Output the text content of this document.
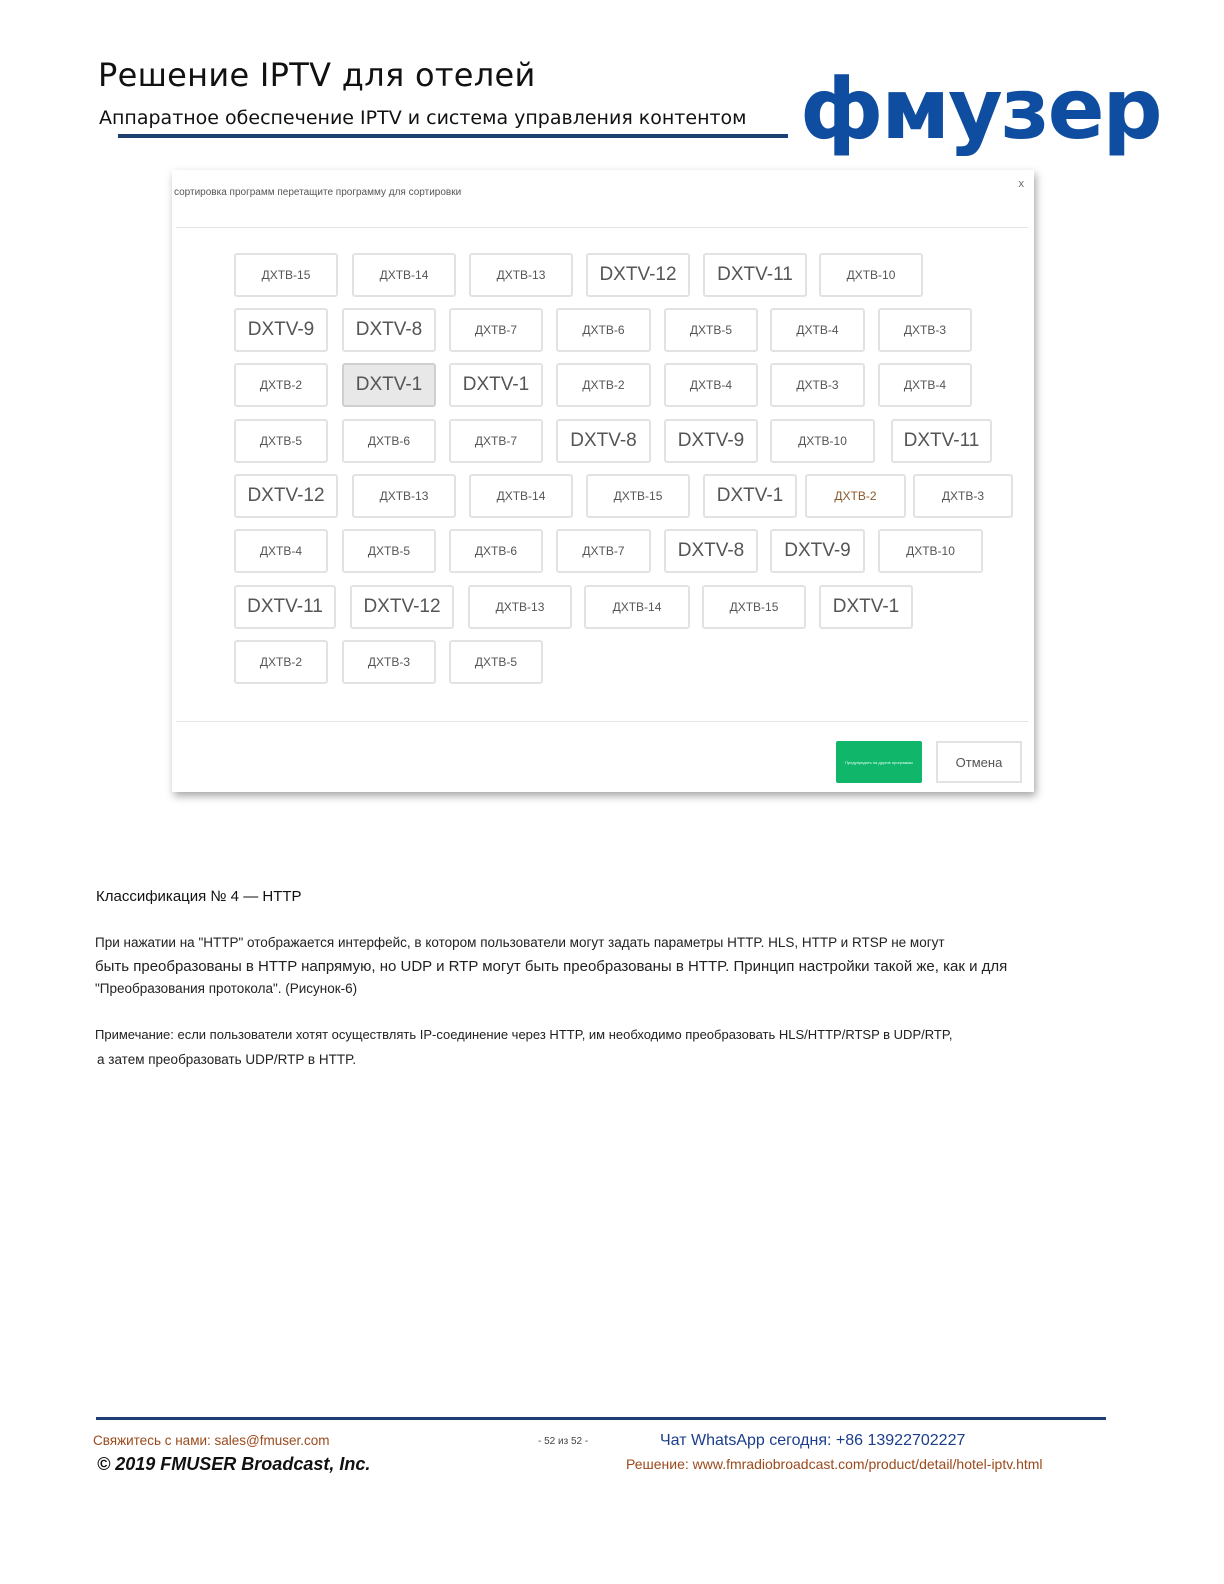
Решение IPTV для отелей
Аппаратное обеспечение IPTV и система управления контентом фмузер
сортировка программ перетащите программу для сортировки
x
ДХТВ-15	ДХТВ-14	ДХТВ-13	DXTV-12	DXTV-11	ДХТВ-10
DXTV-9	DXTV-8	ДХТВ-7	ДХТВ-6	ДХТВ-5	ДХТВ-4	ДХТВ-3
ДХТВ-2	DXTV-1	DXTV-1	ДХТВ-2	ДХТВ-4	ДХТВ-3	ДХТВ-4
ДХТВ-5	ДХТВ-6	ДХТВ-7	DXTV-8	DXTV-9	ДХТВ-10	DXTV-11
DXTV-12	ДХТВ-13	ДХТВ-14	ДХТВ-15	DXTV-1	ДХТВ-2	ДХТВ-3
ДХТВ-4	ДХТВ-5	ДХТВ-6	ДХТВ-7	DXTV-8	DXTV-9	ДХТВ-10
DXTV-11	DXTV-12	ДХТВ-13	ДХТВ-14	ДХТВ-15	DXTV-1
ДХТВ-2	ДХТВ-3	ДХТВ-5
Предупредить на другие программы	Отмена
Классификация № 4 — HTTP
При нажатии на "HTTP" отображается интерфейс, в котором пользователи могут задать параметры HTTP. HLS, HTTP и RTSP не могут
быть преобразованы в HTTP напрямую, но UDP и RTP могут быть преобразованы в HTTP. Принцип настройки такой же, как и для
"Преобразования протокола". (Рисунок-6)
Примечание: если пользователи хотят осуществлять IP-соединение через HTTP, им необходимо преобразовать HLS/HTTP/RTSP в UDP/RTP,
а затем преобразовать UDP/RTP в HTTP.
Свяжитесь с нами: sales@fmuser.com
© 2019 FMUSER Broadcast, Inc.
- 52 из 52 -	Чат WhatsApp сегодня: +86 13922702227
Решение: www.fmradiobroadcast.com/product/detail/hotel-iptv.html
